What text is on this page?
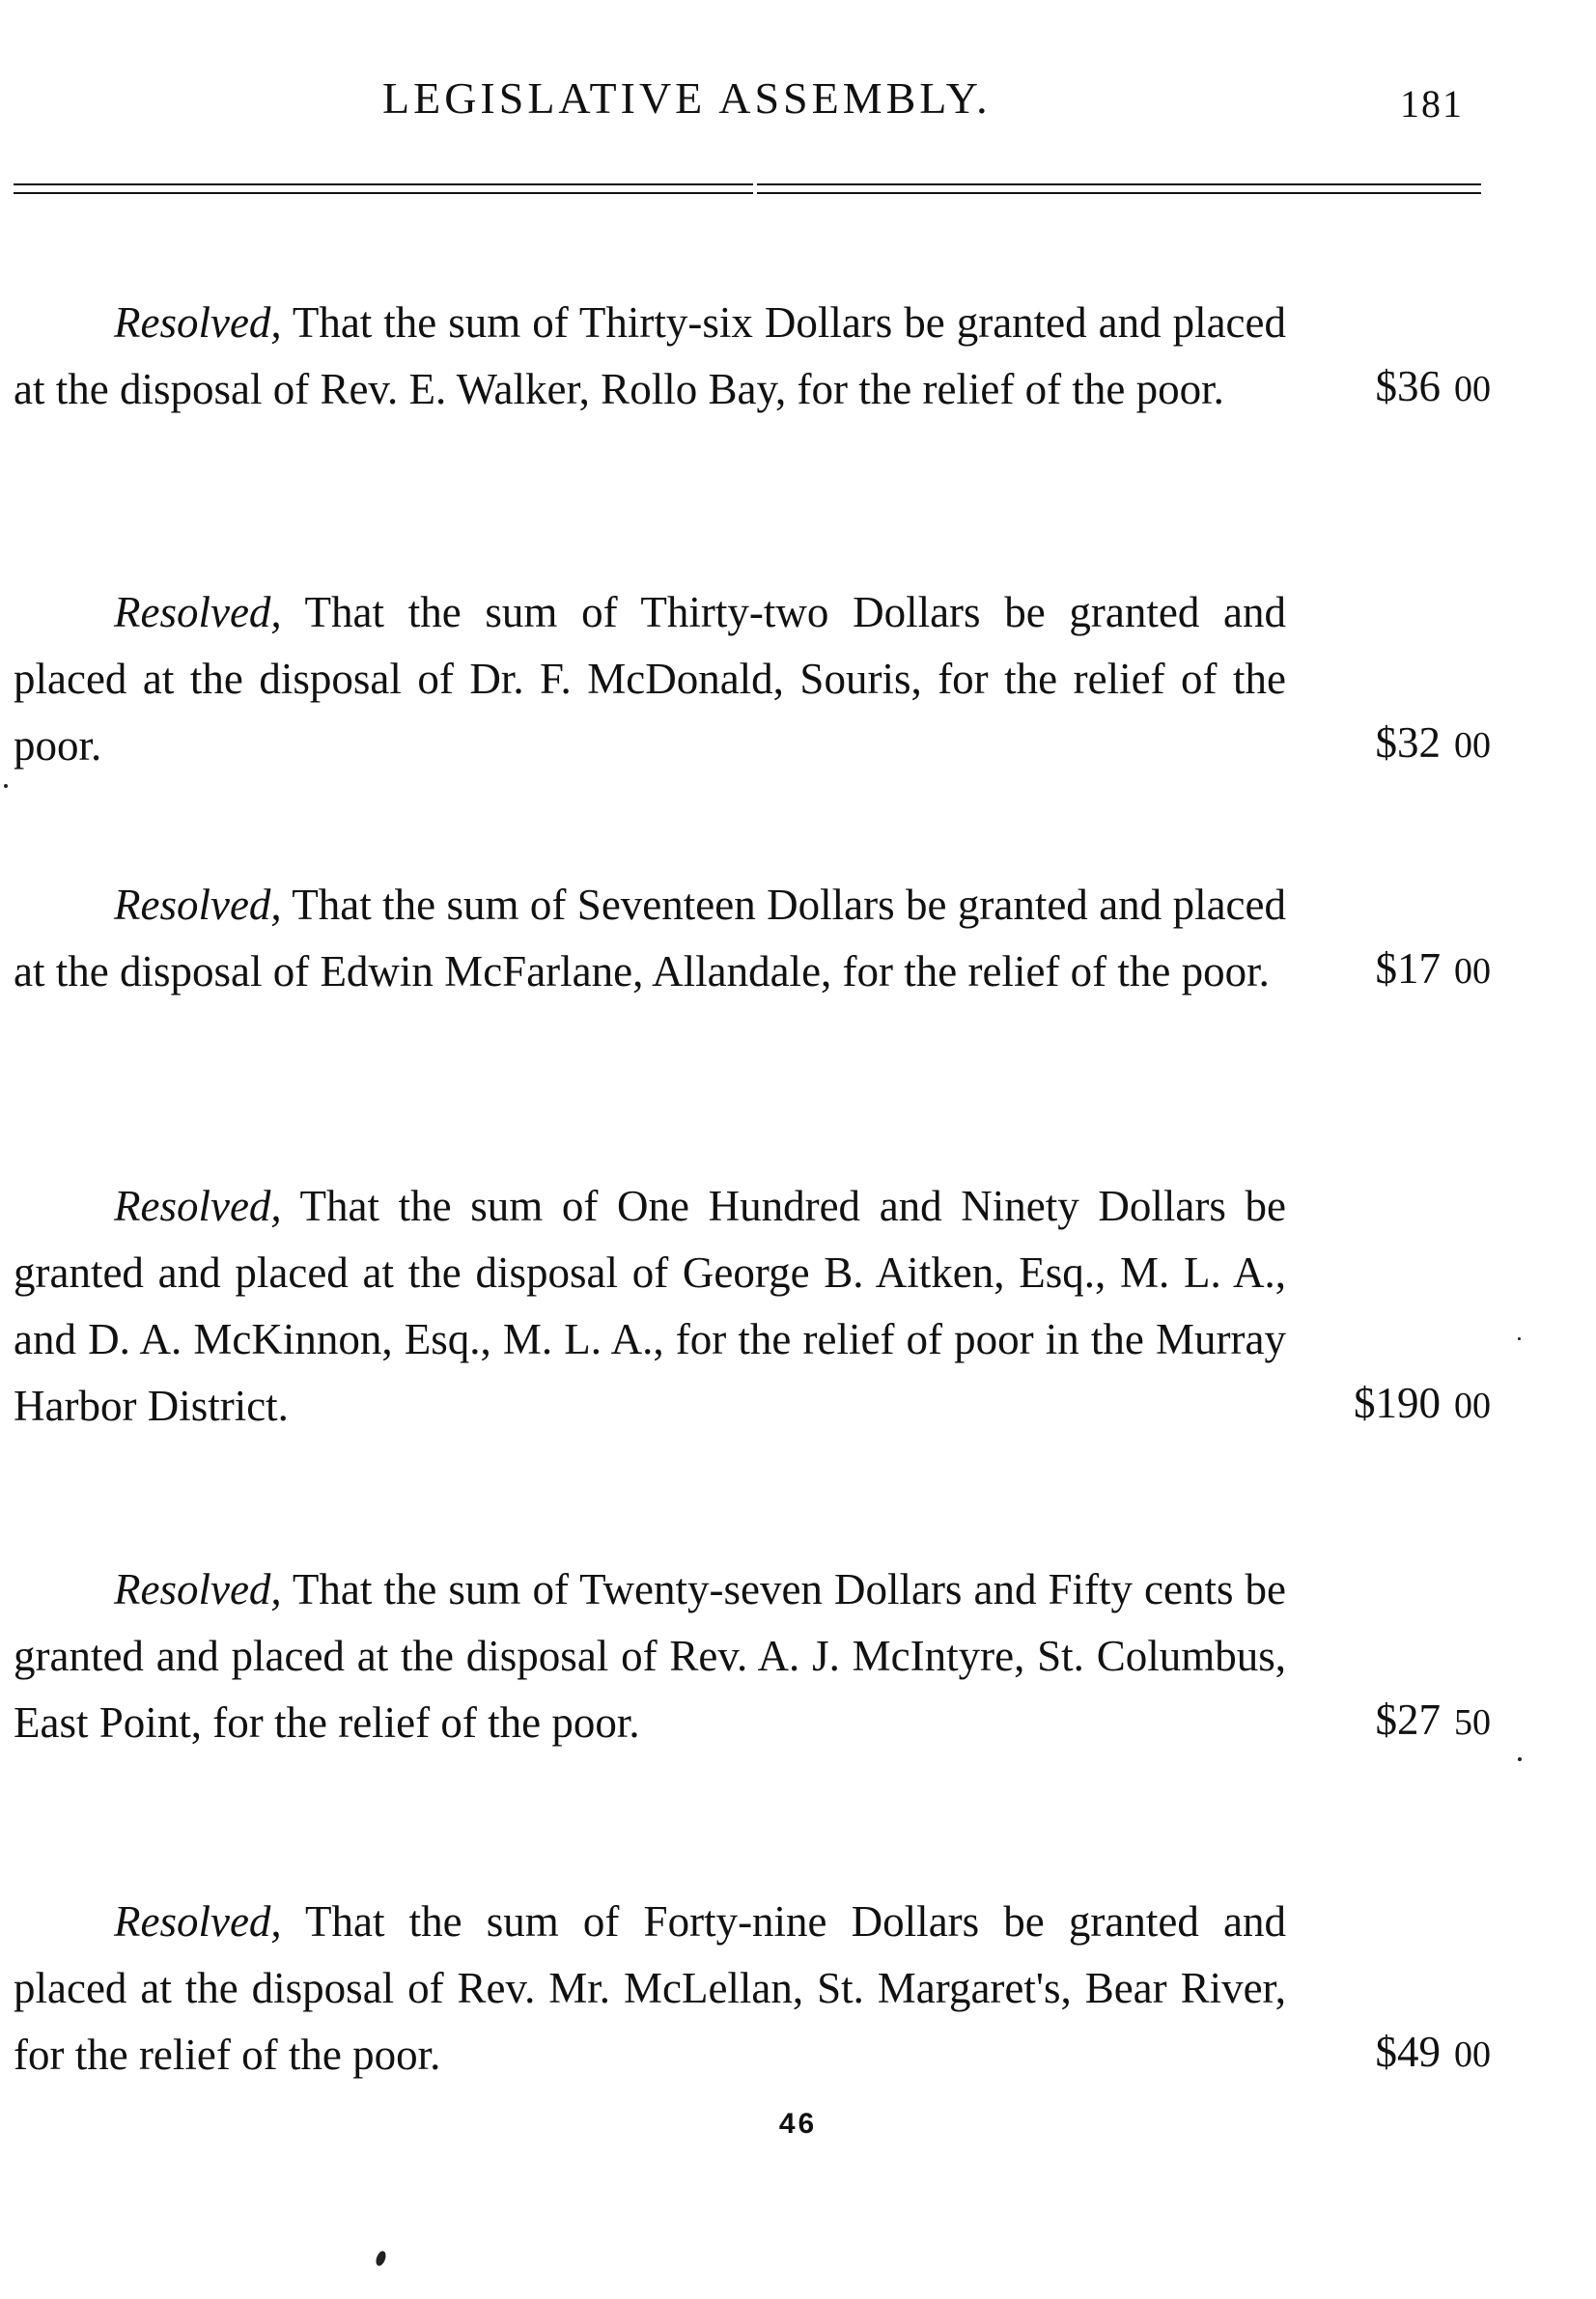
LEGISLATIVE ASSEMBLY.	181

Resolved, That the sum of Thirty-six Dollars be granted and placed at the disposal of Rev. E. Walker, Rollo Bay, for the relief of the poor.	$36 00

Resolved, That the sum of Thirty-two Dollars be granted and placed at the disposal of Dr. F. McDonald, Souris, for the relief of the poor.	$32 00

Resolved, That the sum of Seventeen Dollars be granted and placed at the disposal of Edwin McFarlane, Allandale, for the relief of the poor.	$17 00

Resolved, That the sum of One Hundred and Ninety Dollars be granted and placed at the disposal of George B. Aitken, Esq., M. L. A., and D. A. McKinnon, Esq., M. L. A., for the relief of poor in the Murray Harbor District.	$190 00

Resolved, That the sum of Twenty-seven Dollars and Fifty cents be granted and placed at the disposal of Rev. A. J. McIntyre, St. Columbus, East Point, for the relief of the poor.	$27 50

Resolved, That the sum of Forty-nine Dollars be granted and placed at the disposal of Rev. Mr. McLellan, St. Margaret's, Bear River, for the relief of the poor.	$49 00
46
